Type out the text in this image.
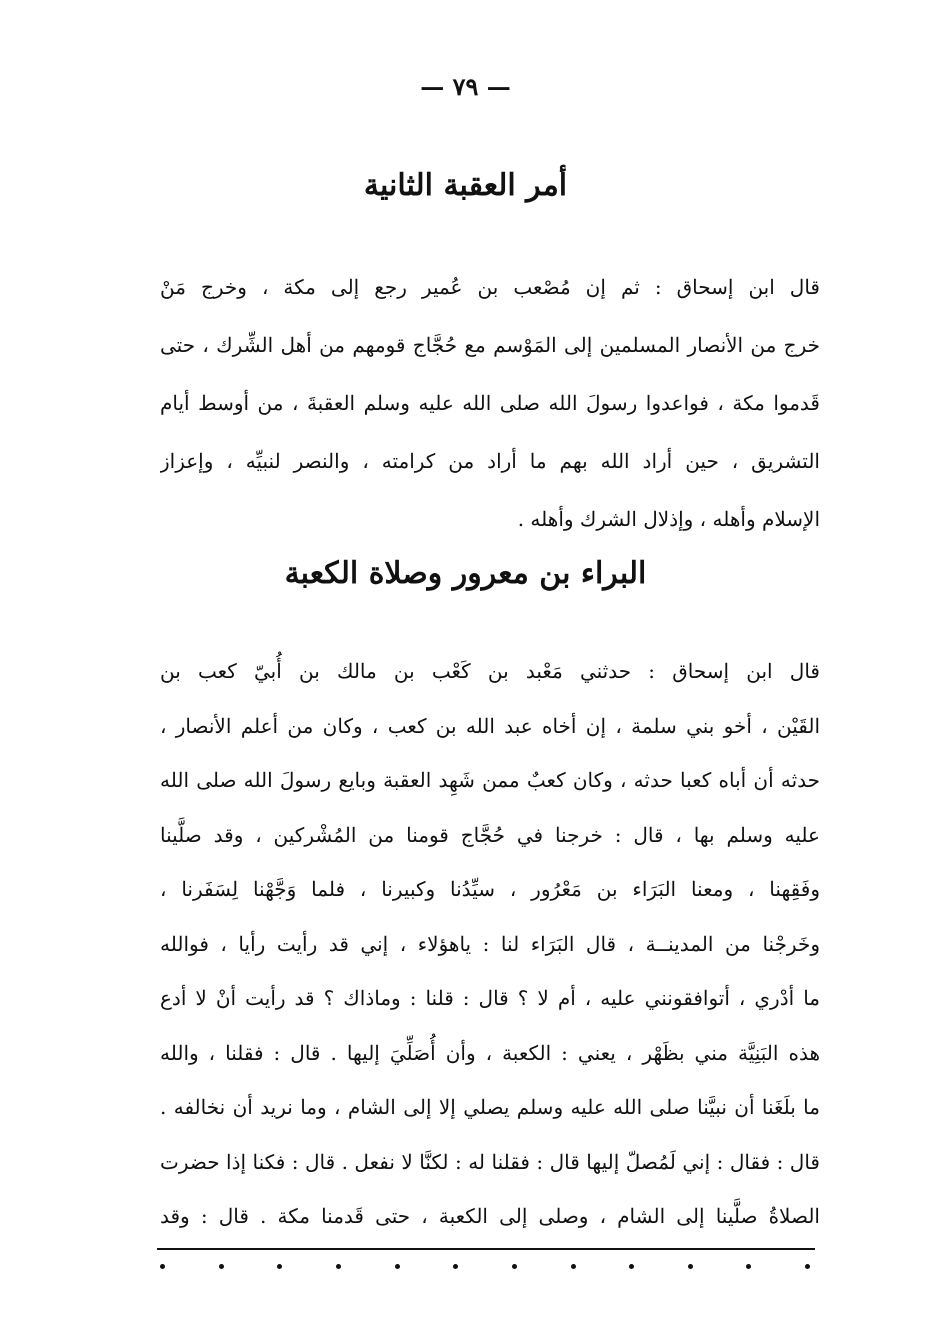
— ٧٩ —
أمر العقبة الثانية
قال ابن إسحاق : ثم إن مُصْعب بن عُمير رجع إلى مكة ، وخرج مَنْ
خرج من الأنصار المسلمين إلى المَوْسم مع حُجَّاج قومهم من أهل الشِّرك ، حتى
قَدموا مكة ، فواعدوا رسولَ الله صلى الله عليه وسلم العقبةَ ، من أوسط أيام
التشريق ، حين أراد الله بهم ما أراد من كرامته ، والنصر لنبيِّه ، وإعزاز
الإسلام وأهله ، وإذلال الشرك وأهله .
البراء بن معرور وصلاة الكعبة
قال ابن إسحاق : حدثني مَعْبد بن كَعْب بن مالك بن أُبيّ كعب بن
القَيْن ، أخو بني سلمة ، إن أخاه عبد الله بن كعب ، وكان من أعلم الأنصار ،
حدثه أن أباه كعبا حدثه ، وكان كعبٌ ممن شَهِد العقبة وبايع رسولَ الله صلى الله
عليه وسلم بها ، قال : خرجنا في حُجَّاج قومنا من المُشْركين ، وقد صلَّينا
وفَقِهنا ، ومعنا البَرَاء بن مَعْرُور ، سيِّدُنا وكبيرنا ، فلما وَجَّهْنا لِسَفَرنا ،
وخَرجْنا من المدينــة ، قال البَرَاء لنا : ياهؤلاء ، إني قد رأيت رأيا ، فوالله
ما أدْري ، أتوافقونني عليه ، أم لا ؟ قال : قلنا : وماذاك ؟ قد رأيت أنْ لا أدع
هذه البَنِيَّة مني بظَهْر ، يعني : الكعبة ، وأن أُصَلِّيَ إليها . قال : فقلنا ، والله
ما بلَغَنا أن نبيَّنا صلى الله عليه وسلم يصلي إلا إلى الشام ، وما نريد أن نخالفه .
قال : فقال : إني لَمُصلّ إليها قال : فقلنا له : لكنَّا لا نفعل . قال : فكنا إذا حضرت
الصلاةُ صلَّينا إلى الشام ، وصلى إلى الكعبة ، حتى قَدمنا مكة . قال : وقد
